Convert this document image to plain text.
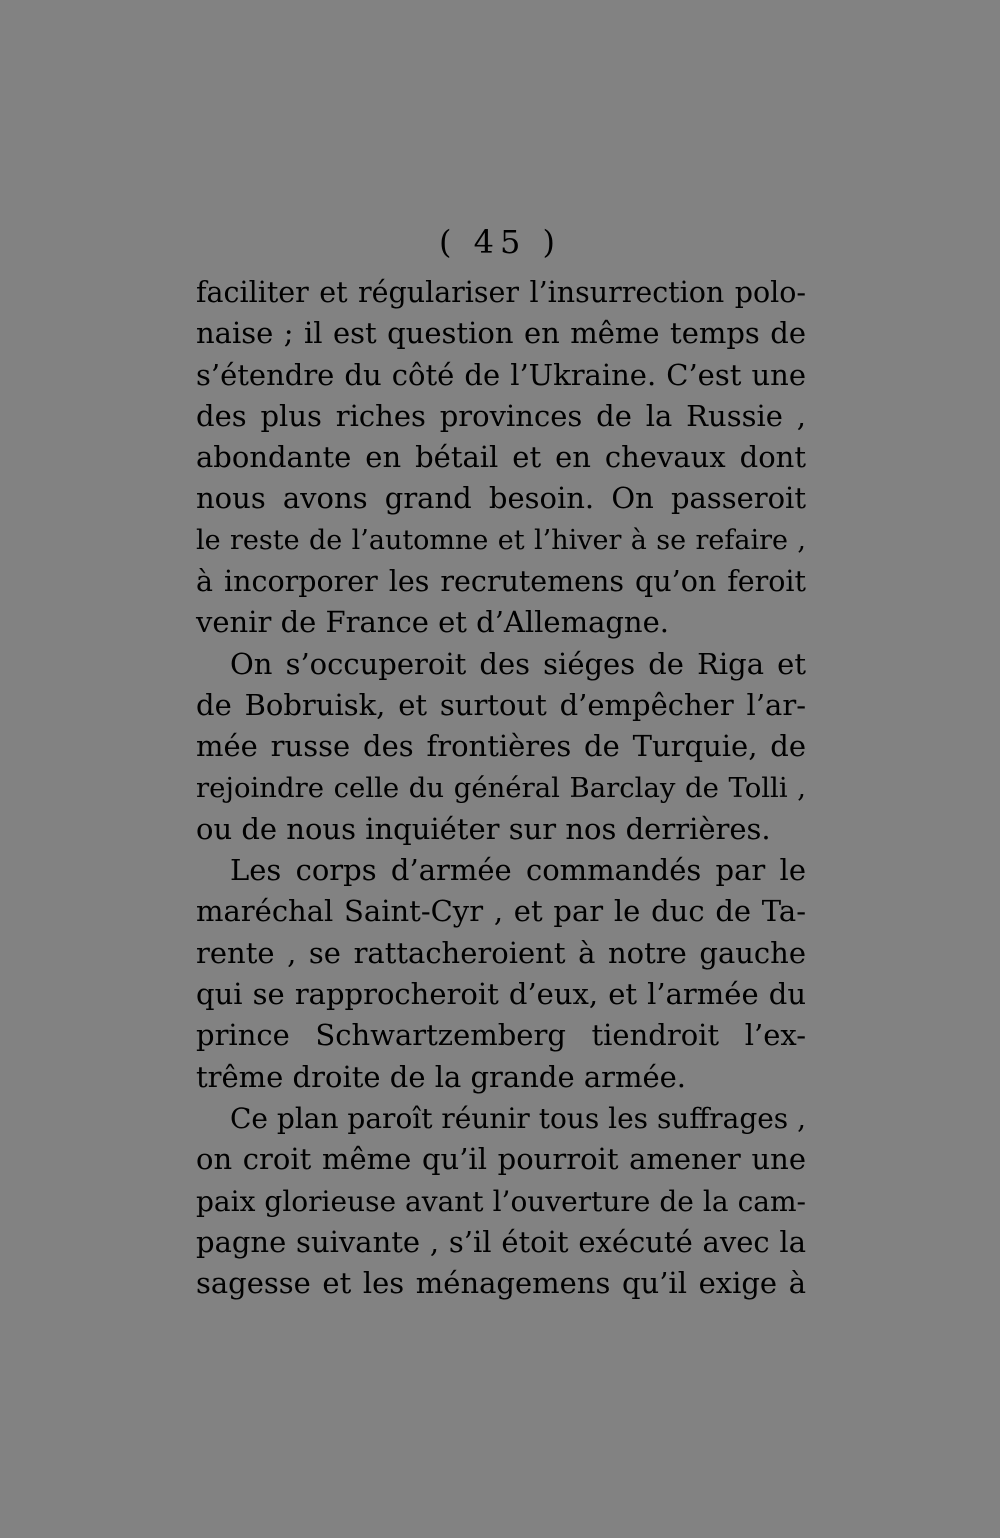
( 45 )
faciliter et régulariser l’insurrection polo-
naise ; il est question en même temps de
s’étendre du côté de l’Ukraine. C’est une
des plus riches provinces de la Russie ,
abondante en bétail et en chevaux dont
nous avons grand besoin. On passeroit
le reste de l’automne et l’hiver à se refaire ,
à incorporer les recrutemens qu’on feroit
venir de France et d’Allemagne.
On s’occuperoit des siéges de Riga et
de Bobruisk, et surtout d’empêcher l’ar-
mée russe des frontières de Turquie, de
rejoindre celle du général Barclay de Tolli ,
ou de nous inquiéter sur nos derrières.
Les corps d’armée commandés par le
maréchal Saint-Cyr , et par le duc de Ta-
rente , se rattacheroient à notre gauche
qui se rapprocheroit d’eux, et l’armée du
prince Schwartzemberg tiendroit l’ex-
trême droite de la grande armée.
Ce plan paroît réunir tous les suffrages ,
on croit même qu’il pourroit amener une
paix glorieuse avant l’ouverture de la cam-
pagne suivante , s’il étoit exécuté avec la
sagesse et les ménagemens qu’il exige à
